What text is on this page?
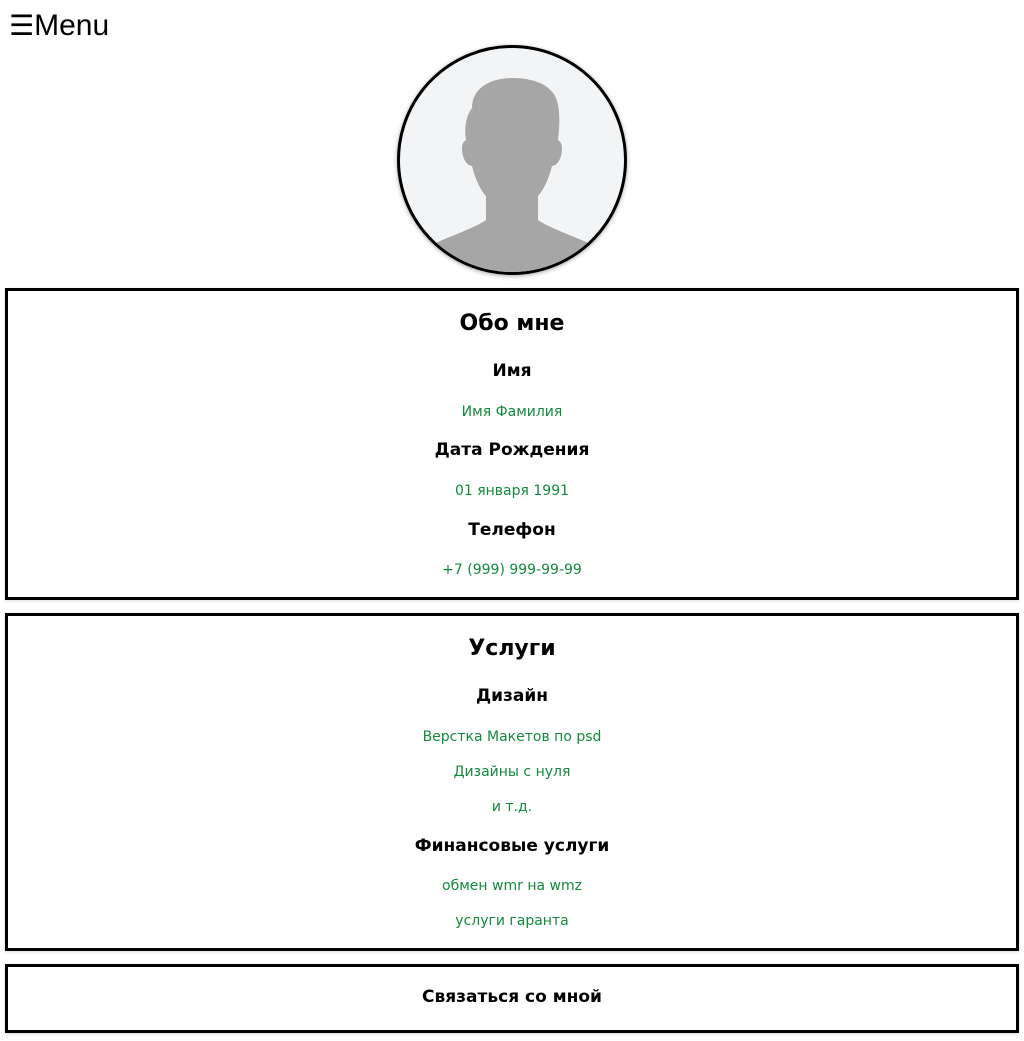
☰ Menu
Обо мне
Имя
Имя Фамилия
Дата Рождения
01 января 1991
Телефон
+7 (999) 999-99-99
Услуги
Дизайн
Верстка Макетов по psd
Дизайны с нуля
и т.д.
Финансовые услуги
обмен wmr на wmz
услуги гаранта
Связаться со мной
